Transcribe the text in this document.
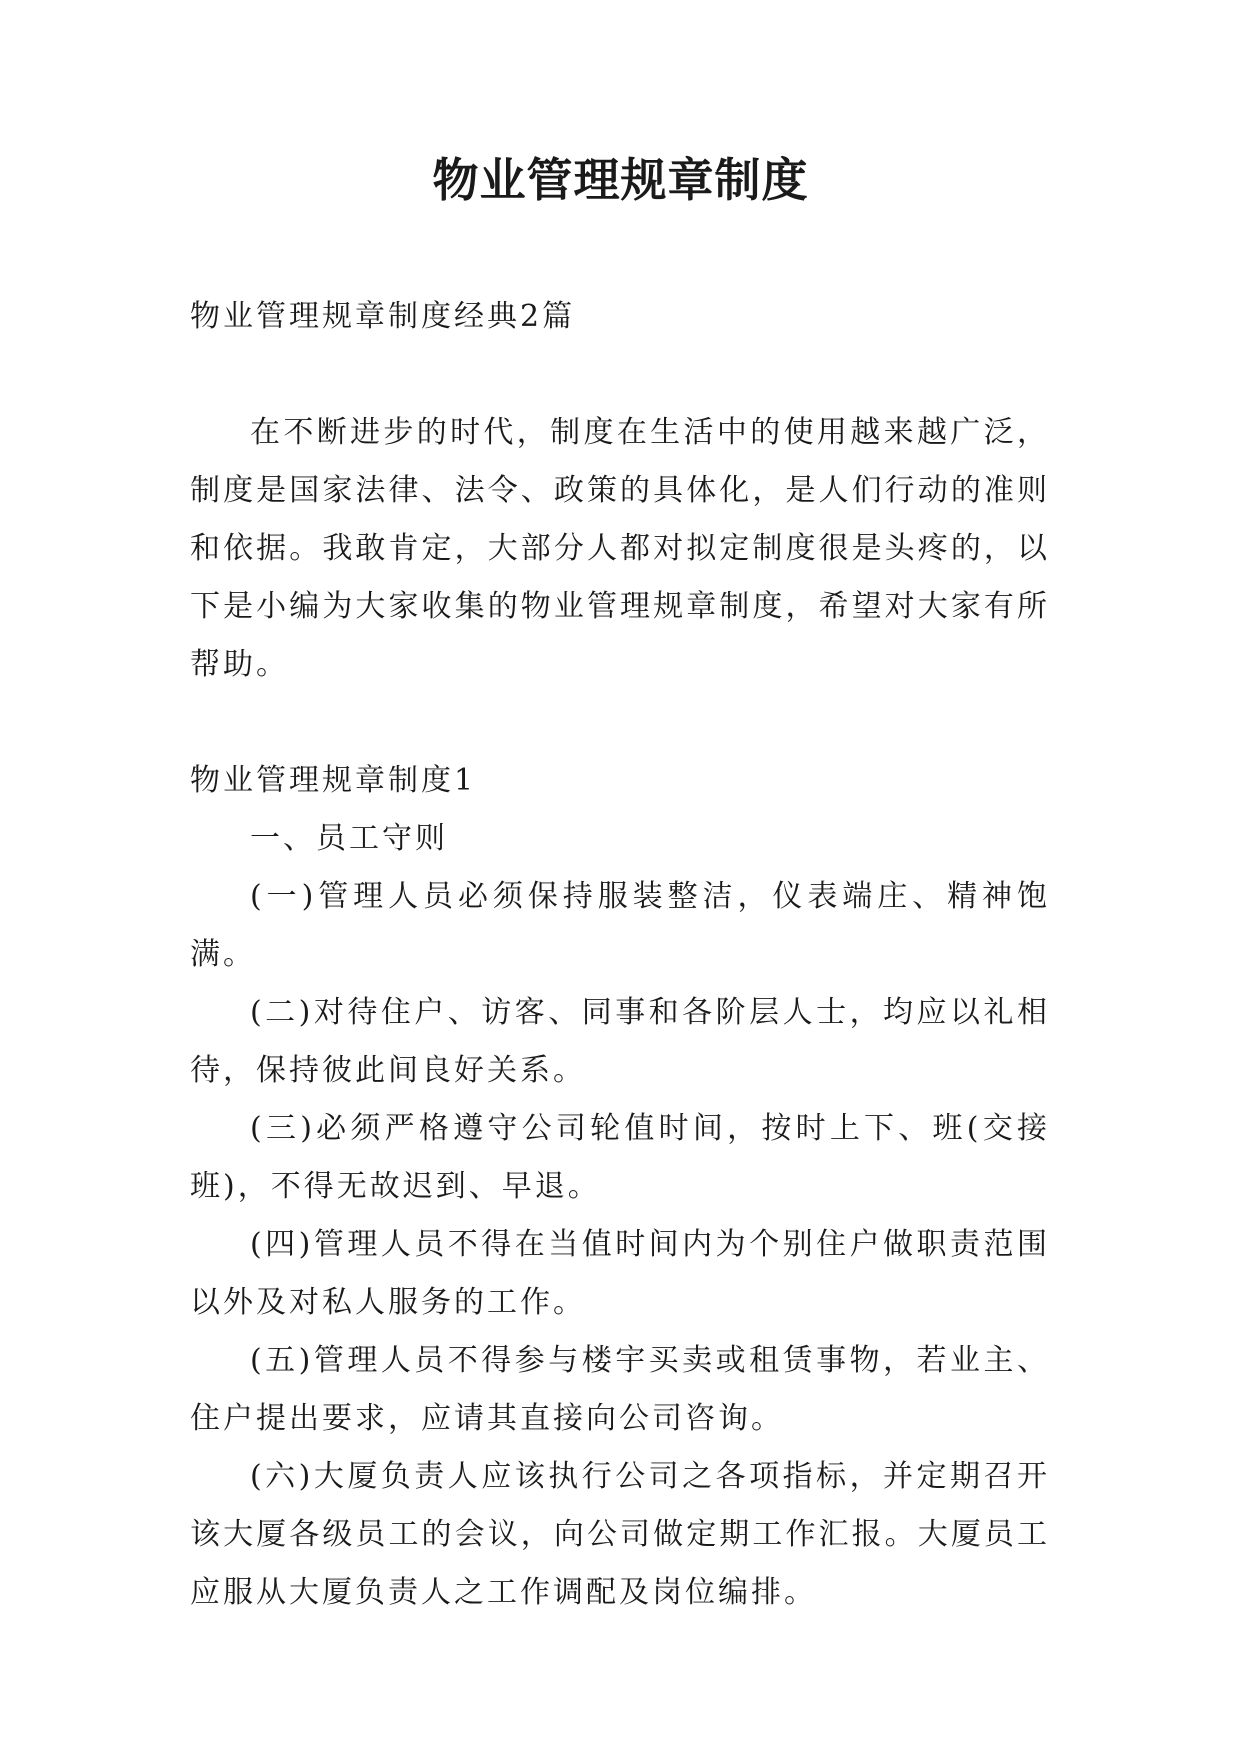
物业管理规章制度

物业管理规章制度经典2篇

在不断进步的时代，制度在生活中的使用越来越广泛，制度是国家法律、法令、政策的具体化，是人们行动的准则和依据。我敢肯定，大部分人都对拟定制度很是头疼的，以下是小编为大家收集的物业管理规章制度，希望对大家有所帮助。

物业管理规章制度1

一、员工守则

(一)管理人员必须保持服装整洁，仪表端庄、精神饱满。

(二)对待住户、访客、同事和各阶层人士，均应以礼相待，保持彼此间良好关系。

(三)必须严格遵守公司轮值时间，按时上下、班(交接班)，不得无故迟到、早退。

(四)管理人员不得在当值时间内为个别住户做职责范围以外及对私人服务的工作。

(五)管理人员不得参与楼宇买卖或租赁事物，若业主、住户提出要求，应请其直接向公司咨询。

(六)大厦负责人应该执行公司之各项指标，并定期召开该大厦各级员工的会议，向公司做定期工作汇报。大厦员工应服从大厦负责人之工作调配及岗位编排。
